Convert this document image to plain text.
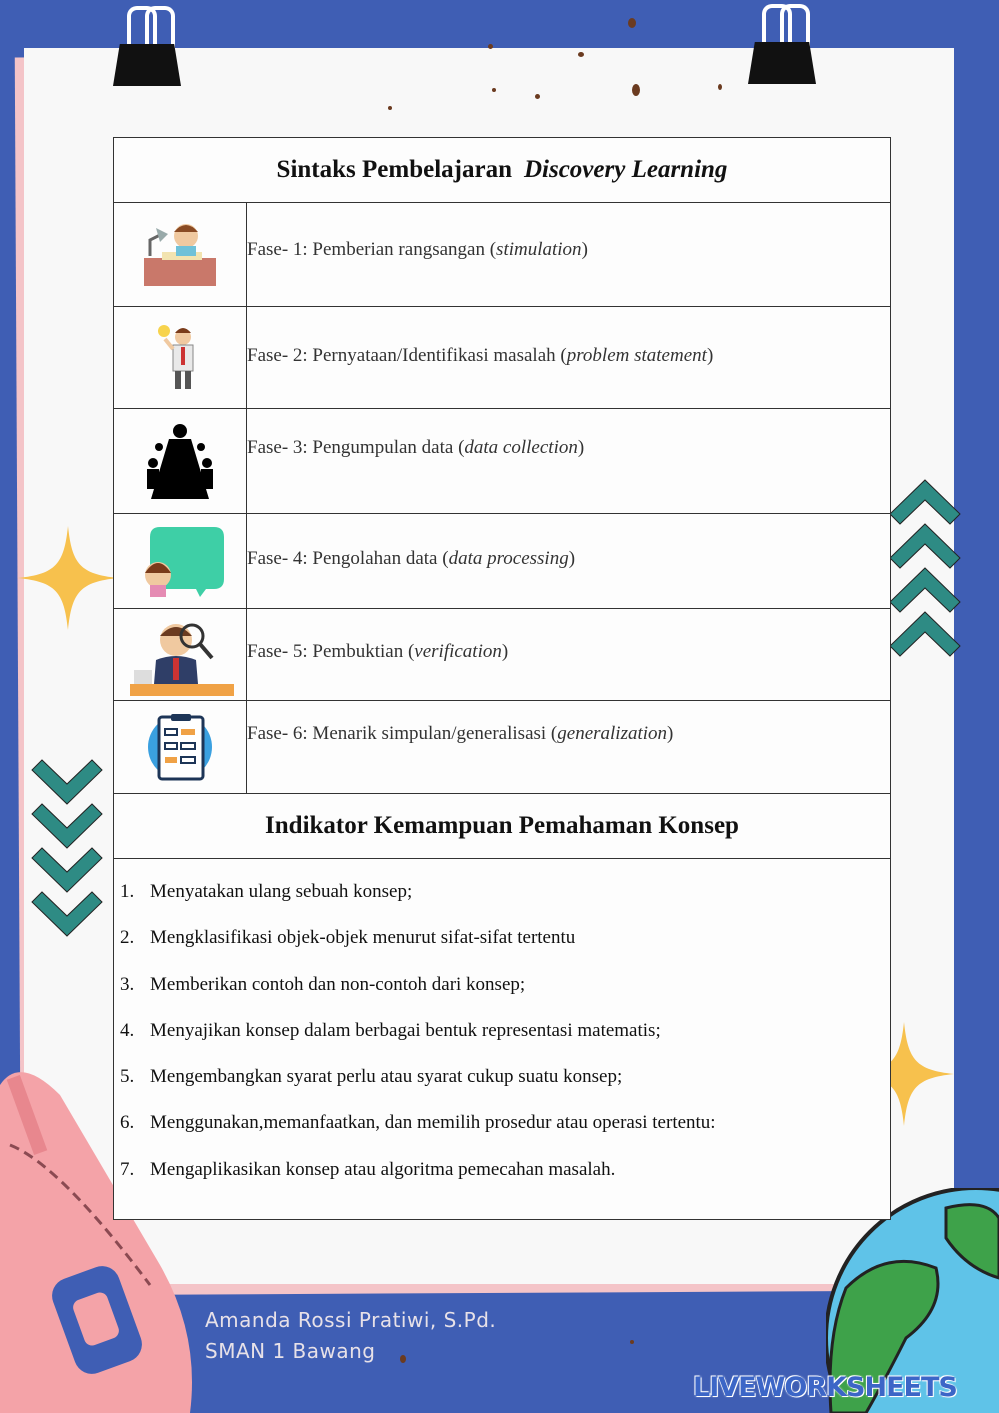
Sintaks Pembelajaran Discovery Learning
Fase- 1: Pemberian rangsangan (stimulation)
Fase- 2: Pernyataan/Identifikasi masalah (problem statement)
Fase- 3: Pengumpulan data (data collection)
Fase- 4: Pengolahan data (data processing)
Fase- 5: Pembuktian (verification)
Fase- 6: Menarik simpulan/generalisasi (generalization)
Indikator Kemampuan Pemahaman Konsep
1. Menyatakan ulang sebuah konsep;
2. Mengklasifikasi objek-objek menurut sifat-sifat tertentu
3. Memberikan contoh dan non-contoh dari konsep;
4. Menyajikan konsep dalam berbagai bentuk representasi matematis;
5. Mengembangkan syarat perlu atau syarat cukup suatu konsep;
6. Menggunakan,memanfaatkan, dan memilih prosedur atau operasi tertentu:
7. Mengaplikasikan konsep atau algoritma pemecahan masalah.
Amanda Rossi Pratiwi, S.Pd.
SMAN 1 Bawang
LIVEWORKSHEETS
